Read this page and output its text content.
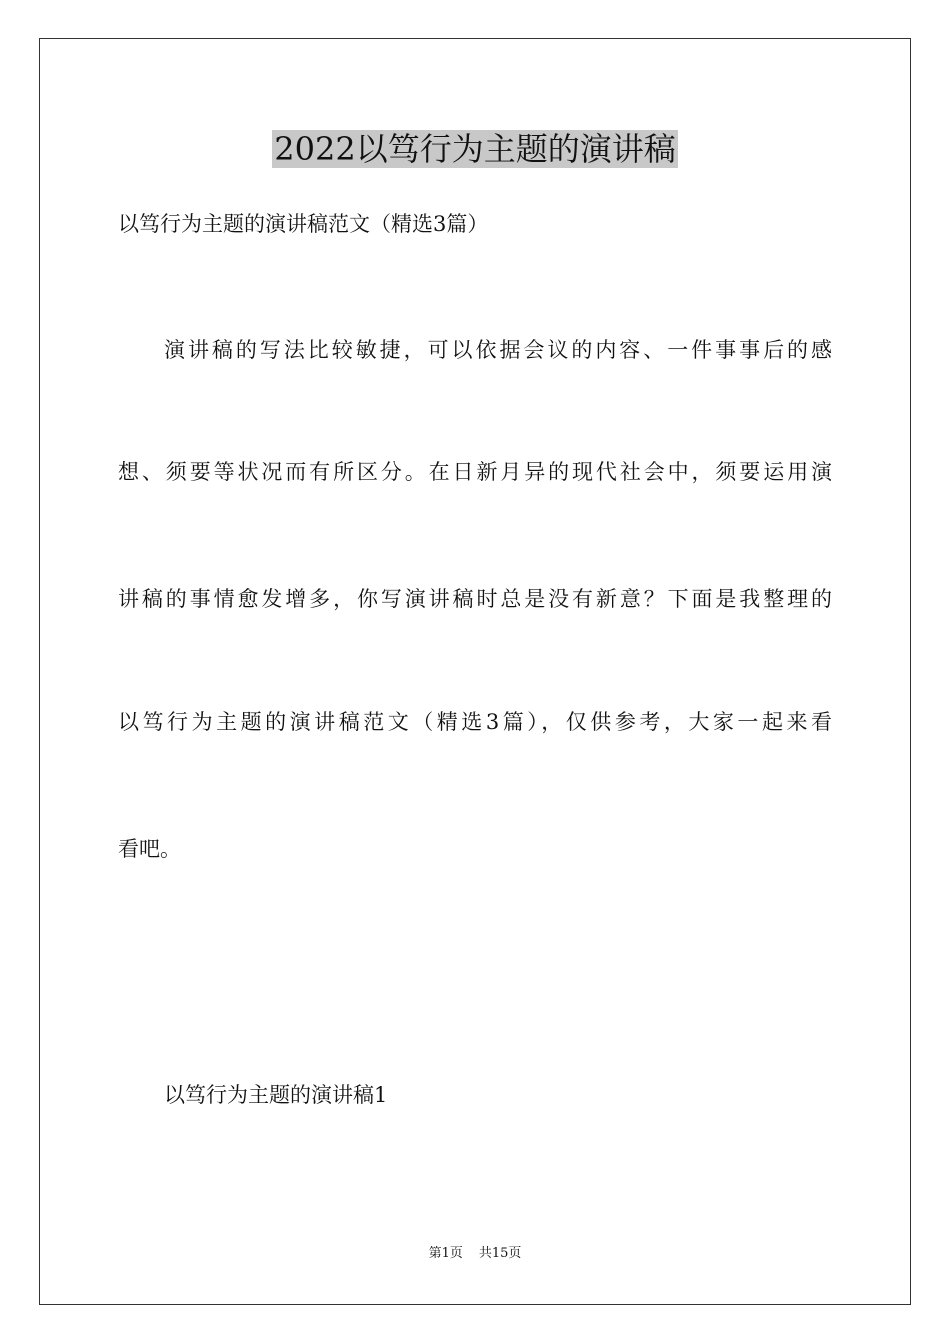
2022以笃行为主题的演讲稿

以笃行为主题的演讲稿范文（精选3篇）

演讲稿的写法比较敏捷，可以依据会议的内容、一件事事后的感

想、须要等状况而有所区分。在日新月异的现代社会中，须要运用演

讲稿的事情愈发增多，你写演讲稿时总是没有新意？下面是我整理的

以笃行为主题的演讲稿范文（精选3篇），仅供参考，大家一起来看

看吧。

以笃行为主题的演讲稿1

第1页 共15页
